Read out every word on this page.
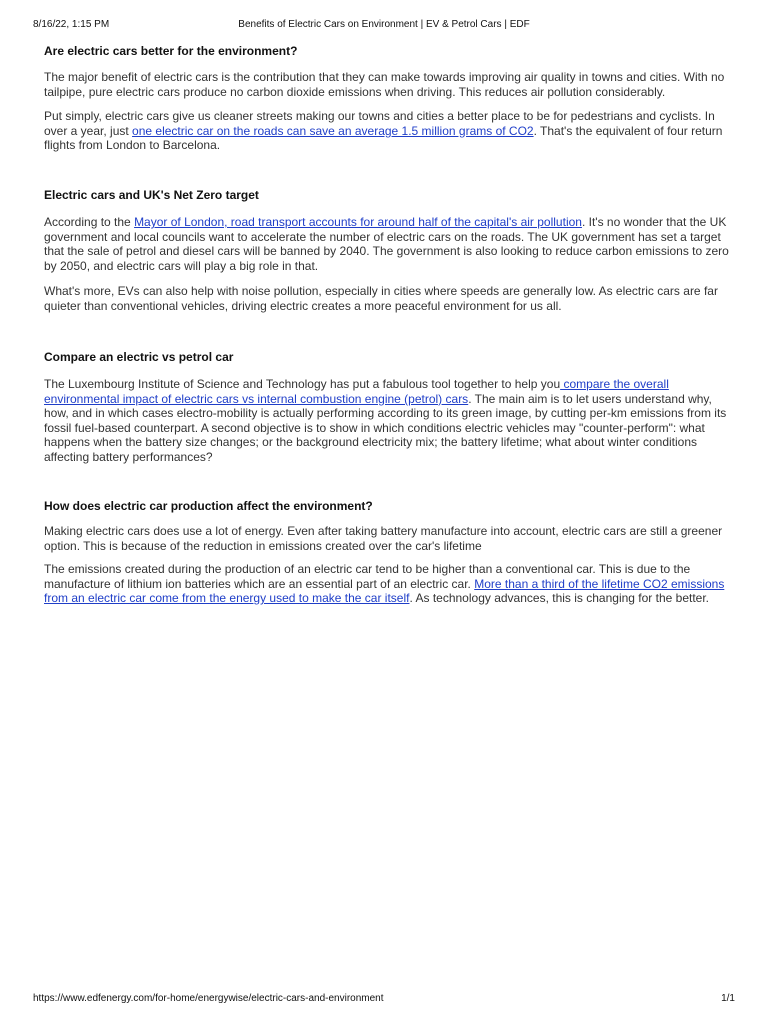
8/16/22, 1:15 PM	Benefits of Electric Cars on Environment | EV & Petrol Cars | EDF
Are electric cars better for the environment?

The major benefit of electric cars is the contribution that they can make towards improving air quality in towns and cities. With no tailpipe, pure electric cars produce no carbon dioxide emissions when driving. This reduces air pollution considerably.

Put simply, electric cars give us cleaner streets making our towns and cities a better place to be for pedestrians and cyclists. In over a year, just one electric car on the roads can save an average 1.5 million grams of CO2. That's the equivalent of four return flights from London to Barcelona.

Electric cars and UK's Net Zero target

According to the Mayor of London, road transport accounts for around half of the capital's air pollution. It's no wonder that the UK government and local councils want to accelerate the number of electric cars on the roads. The UK government has set a target that the sale of petrol and diesel cars will be banned by 2040. The government is also looking to reduce carbon emissions to zero by 2050, and electric cars will play a big role in that.

What's more, EVs can also help with noise pollution, especially in cities where speeds are generally low. As electric cars are far quieter than conventional vehicles, driving electric creates a more peaceful environment for us all.

Compare an electric vs petrol car

The Luxembourg Institute of Science and Technology has put a fabulous tool together to help you compare the overall environmental impact of electric cars vs internal combustion engine (petrol) cars. The main aim is to let users understand why, how, and in which cases electro-mobility is actually performing according to its green image, by cutting per-km emissions from its fossil fuel-based counterpart. A second objective is to show in which conditions electric vehicles may "counter-perform": what happens when the battery size changes; or the background electricity mix; the battery lifetime; what about winter conditions affecting battery performances?

How does electric car production affect the environment?

Making electric cars does use a lot of energy. Even after taking battery manufacture into account, electric cars are still a greener option. This is because of the reduction in emissions created over the car's lifetime

The emissions created during the production of an electric car tend to be higher than a conventional car. This is due to the manufacture of lithium ion batteries which are an essential part of an electric car. More than a third of the lifetime CO2 emissions from an electric car come from the energy used to make the car itself. As technology advances, this is changing for the better.

https://www.edfenergy.com/for-home/energywise/electric-cars-and-environment	1/1
